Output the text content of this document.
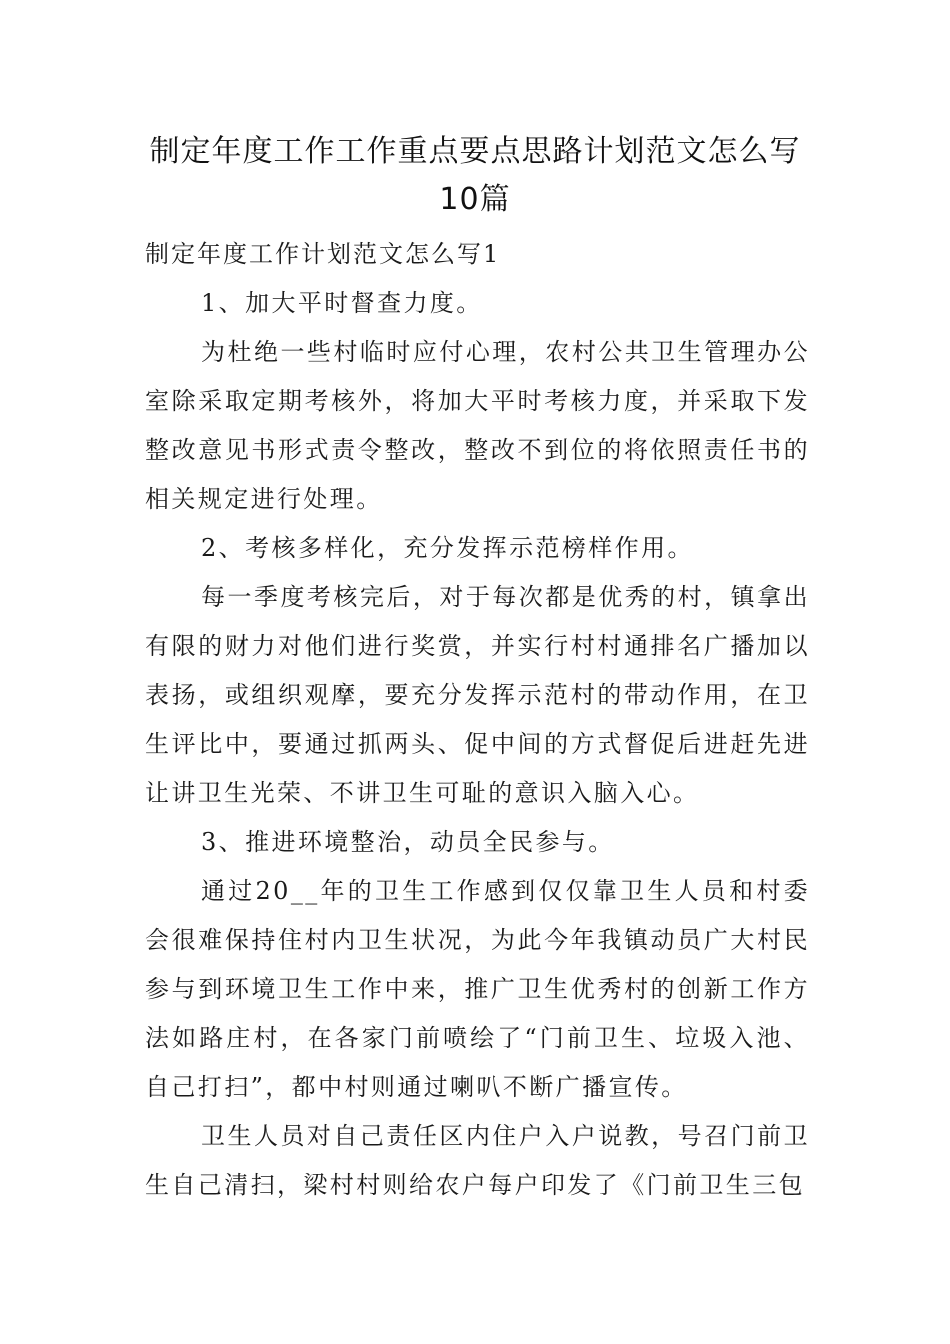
制定年度工作工作重点要点思路计划范文怎么写10篇

制定年度工作计划范文怎么写1

1、加大平时督查力度。

为杜绝一些村临时应付心理，农村公共卫生管理办公室除采取定期考核外，将加大平时考核力度，并采取下发整改意见书形式责令整改，整改不到位的将依照责任书的相关规定进行处理。

2、考核多样化，充分发挥示范榜样作用。

每一季度考核完后，对于每次都是优秀的村，镇拿出有限的财力对他们进行奖赏，并实行村村通排名广播加以表扬，或组织观摩，要充分发挥示范村的带动作用，在卫生评比中，要通过抓两头、促中间的方式督促后进赶先进让讲卫生光荣、不讲卫生可耻的意识入脑入心。

3、推进环境整治，动员全民参与。

通过20__年的卫生工作感到仅仅靠卫生人员和村委会很难保持住村内卫生状况，为此今年我镇动员广大村民参与到环境卫生工作中来，推广卫生优秀村的创新工作方法如路庄村，在各家门前喷绘了“门前卫生、垃圾入池、自己打扫”，都中村则通过喇叭不断广播宣传。

卫生人员对自己责任区内住户入户说教，号召门前卫生自己清扫，梁村村则给农户每户印发了《门前卫生三包
